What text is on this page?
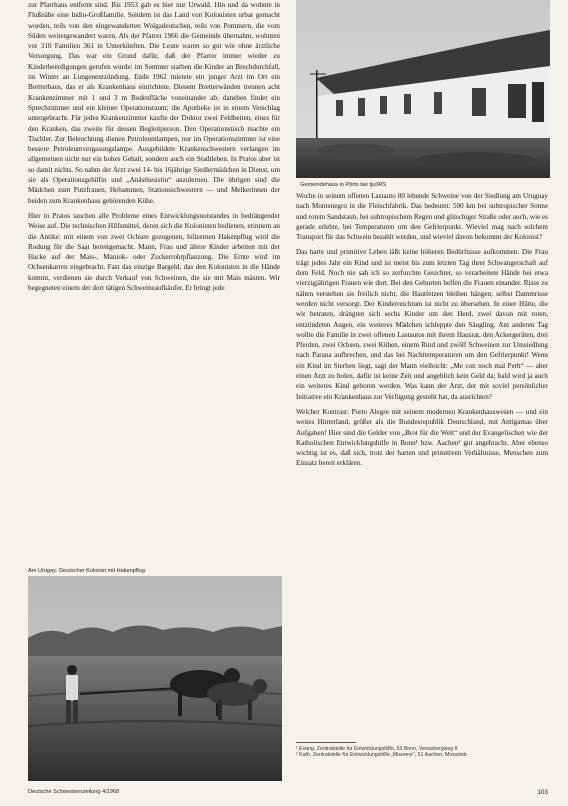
zur Pfarrhaus entfernt sind. Bis 1953 gab es hier nur Urwald. Hin und da wohnte in Flußnähe eine Indio-Großfamilie. Seitdem ist das Land von Kolonisten urbar gemacht worden, teils von den eingewanderten Wolgadeutschen, teils von Pommern, die vom Süden weitergewandert waren. Als der Pfarrer 1966 die Gemeinde übernahm, wohnten vor 310 Familien 361 in Unterkünften. Die Leute waren so gut wie ohne ärztliche Versorgung. Das war ein Grund dafür, daß der Pfarrer immer wieder zu Kinderbeerdigungen gerufen wurde: im Sommer starben die Kinder an Brechdurchfall, im Winter an Lungenentzündung. Ende 1962 mietete ein junger Arzt im Ort ein Bretterhaus, das er als Krankenhaus einrichtete. Diesem Bretterwänden trennen acht Krankenzimmer mit 1 und 3 m Bodenfläche voneinander ab; daneben findet ein Sprechzimmer und ein kleiner Operationsraum; die Apotheke ist in einem Verschlag untergebracht. Für jedes Krankenzimmer kaufte der Doktor zwei Feldbetten, eines für den Kranken, das zweite für dessen Begleitperson. Den Operationstisch machte ein Tischler. Zur Beleuchtung dienen Petroleumlampen, nur im Operationszimmer ist eine bessere Petroleumvergasungslampe. Ausgebildete Krankenschwestern verlangen im allgemeinen nicht nur ein hohes Gehalt, sondern auch ein Stadtleben. In Pratos aber ist so damit nichts. So nahm der Arzt zwei 14- bis 16jährige Siedlermädchen in Dienst, um sie als Operationsgehilfin und „Anästhesistin“ anzulernen. Die übrigen sind die Mädchen zum Putzfrauen, Hebammen, Stationsschwestern — und Melkerinnen der beiden zum Krankenhaus gehörenden Kühe.

Hier in Pratos tauchen alle Probleme eines Entwicklungsnotstandes in bedrängender Weise auf. Die technischen Hilfsmittel, deren sich die Kolonisten bedienen, erinnern an die Antike: mit einem von zwei Ochsen gezogenen, hölzernen Hakenpflug wird die Rodung für die Saat bereitgemacht. Mann, Frau und ältere Kinder arbeiten mit der Hacke auf der Mais-, Maniok- oder Zuckerrohrpflanzung. Die Ernte wird im Ochsenkarren eingebracht. Fast das einzige Bargeld, das den Kolonisten in die Hände kommt, verdienen sie durch Verkauf von Schweinen, die sie mit Mais mästen. Wir begegneten einem der dort tätigen Schweineaufkäufer. Er bringt jede

Gemeindehaus in Pôrto bei Ijuí/RS

Woche in seinem offenen Lastauto 80 lebende Schweine von der Siedlung am Uruguay nach Montenegro in die Fleischfabrik. Das bedeutet: 500 km bei subtropischer Sonne und rotem Sandstaub, bei subtropischem Regen und glitschiger Straße oder auch, wie es gerade erlebte, bei Temperaturen um den Gefrierpunkt. Wieviel mag nach solchem Transport für das Schwein bezahlt werden, und wieviel davon bekommt der Kolonist?

Das harte und primitive Leben läßt keine höheren Bedürfnisse aufkommen. Die Frau trägt jedes Jahr ein Kind und ist meist bis zum letzten Tag ihrer Schwangerschaft auf dem Feld. Noch nie sah ich so zerfurchte Gesichter, so verarbeitete Hände bei etwa vierzigjährigen Frauen wie dort. Bei den Geburten helfen die Frauen einander. Risse zu nähen verstehen sie freilich nicht, die Hautfetzen bleiben hängen; selbst Dammrisse werden nicht versorgt. Der Kinderreichtum ist nicht zu übersehen. In einer Hütte, die wir betraten, drängten sich sechs Kinder um den Herd, zwei davon mit roten, entzündeten Augen, ein weiteres Mädchen schleppte den Säugling. Am anderen Tag wollte die Familie in zwei offenen Lastautos mit ihrem Hausrat, den Ackergeräten, drei Pferden, zwei Ochsen, zwei Kühen, einem Rind und zwölf Schweinen zur Umsiedlung nach Parana aufbrechen, und das bei Nachttemperaturen um den Gefrierpunkt! Wenn ein Kind im Sterben liegt, sagt der Mann vielleicht: „Me con noch mal Perh“ — aber einen Arzt zu holen, dafür ist keine Zeit und angeblich kein Geld da; bald wird ja auch ein weiteres Kind geboren werden. Was kann der Arzt, der mit soviel persönlicher Initiative ein Krankenhaus zur Verfügung gestellt hat, da ausrichten?

Welcher Kontrast: Porto Alegre mit seinem modernen Krankenhauswesen — und ein weites Hinterland, größer als die Bundesrepublik Deutschland, mit Antigamas über Aufgaben! Hier sind die Gelder von „Brot für die Welt“ und der Evangelischen wie der Katholischen Entwicklungshilfe in Bonn¹ bzw. Aachen² gut angebracht. Aber ebenso wichtig ist es, daß sich, trotz der harten und primitiven Verhältnisse, Menschen zum Einsatz bereit erklären.

Am Urugay: Deutscher Kolonist mit Hakenpflug
¹ Evang. Zentralstelle für Entwicklungshilfe, 53 Bonn, Venusbergweg 8
² Kath. Zentralstelle für Entwicklungshilfe „Misereor“, 51 Aachen, Mozartstr.
Deutsche Schwesternzeitung 4/1968	103
